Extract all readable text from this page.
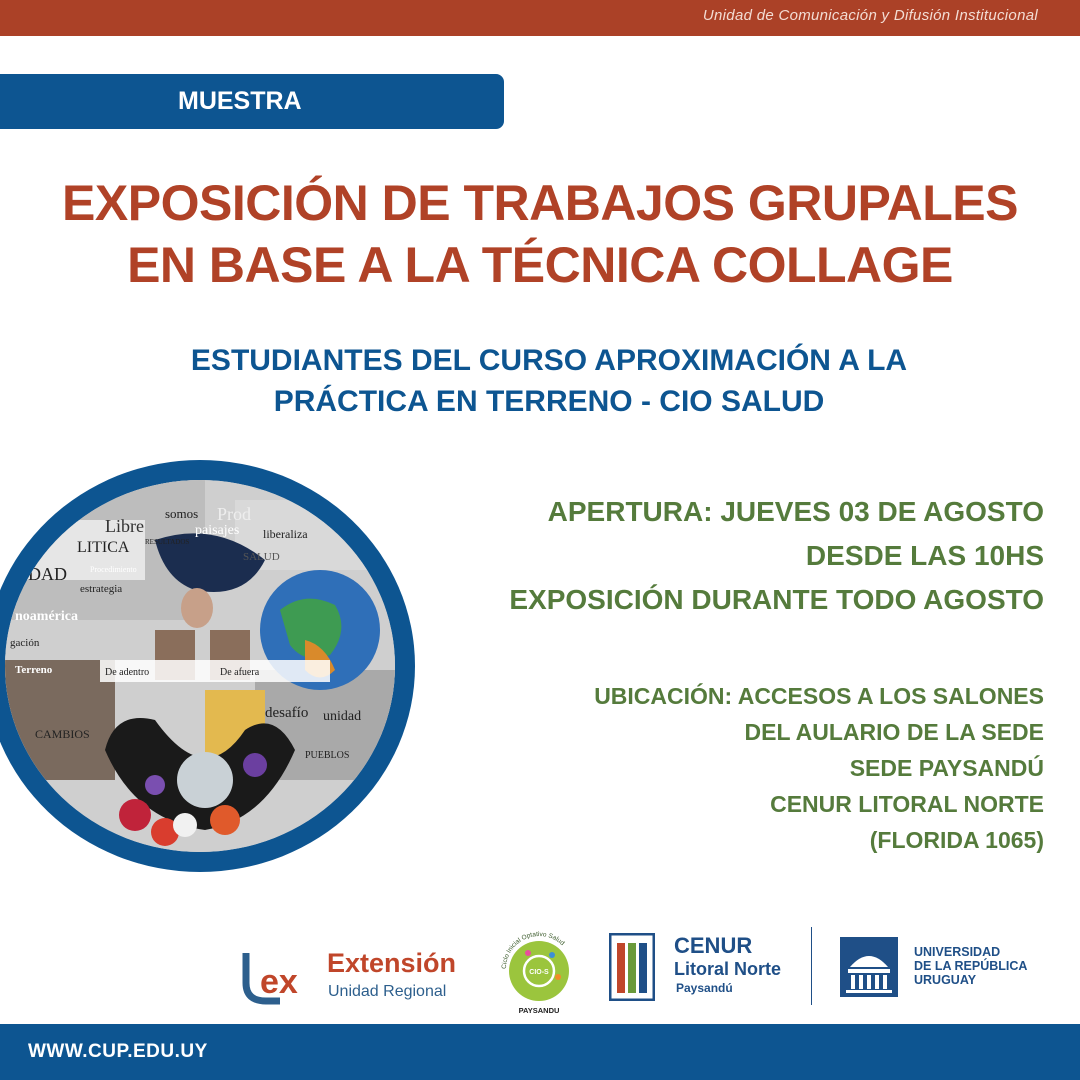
Unidad de Comunicación y Difusión Institucional
MUESTRA
EXPOSICIÓN DE TRABAJOS GRUPALES
EN BASE A LA TÉCNICA COLLAGE
ESTUDIANTES DEL CURSO APROXIMACIÓN A LA
PRÁCTICA EN TERRENO - CIO SALUD
APERTURA: JUEVES 03 DE AGOSTO
DESDE LAS 10HS
EXPOSICIÓN DURANTE TODO AGOSTO
UBICACIÓN: ACCESOS A LOS SALONES
DEL AULARIO DE LA SEDE
SEDE PAYSANDÚ
CENUR LITORAL NORTE
(FLORIDA 1065)
somos Prod
Libre	paisajes
RESULTADOS
LITICA
liberaliza
SALUD
EDAD	Procedimiento
estrategia
noamérica
gación
De adentro	De afuera
Terreno
desafío unidad
CAMBIOS
PUEBLOS
ex Extensión
Unidad Regional
Ciclo Inicial Optativo Salud
CIO-S
PAYSANDU
CENUR
Litoral Norte
Paysandú
UNIVERSIDAD
DE LA REPÚBLICA
URUGUAY
WWW.CUP.EDU.UY
